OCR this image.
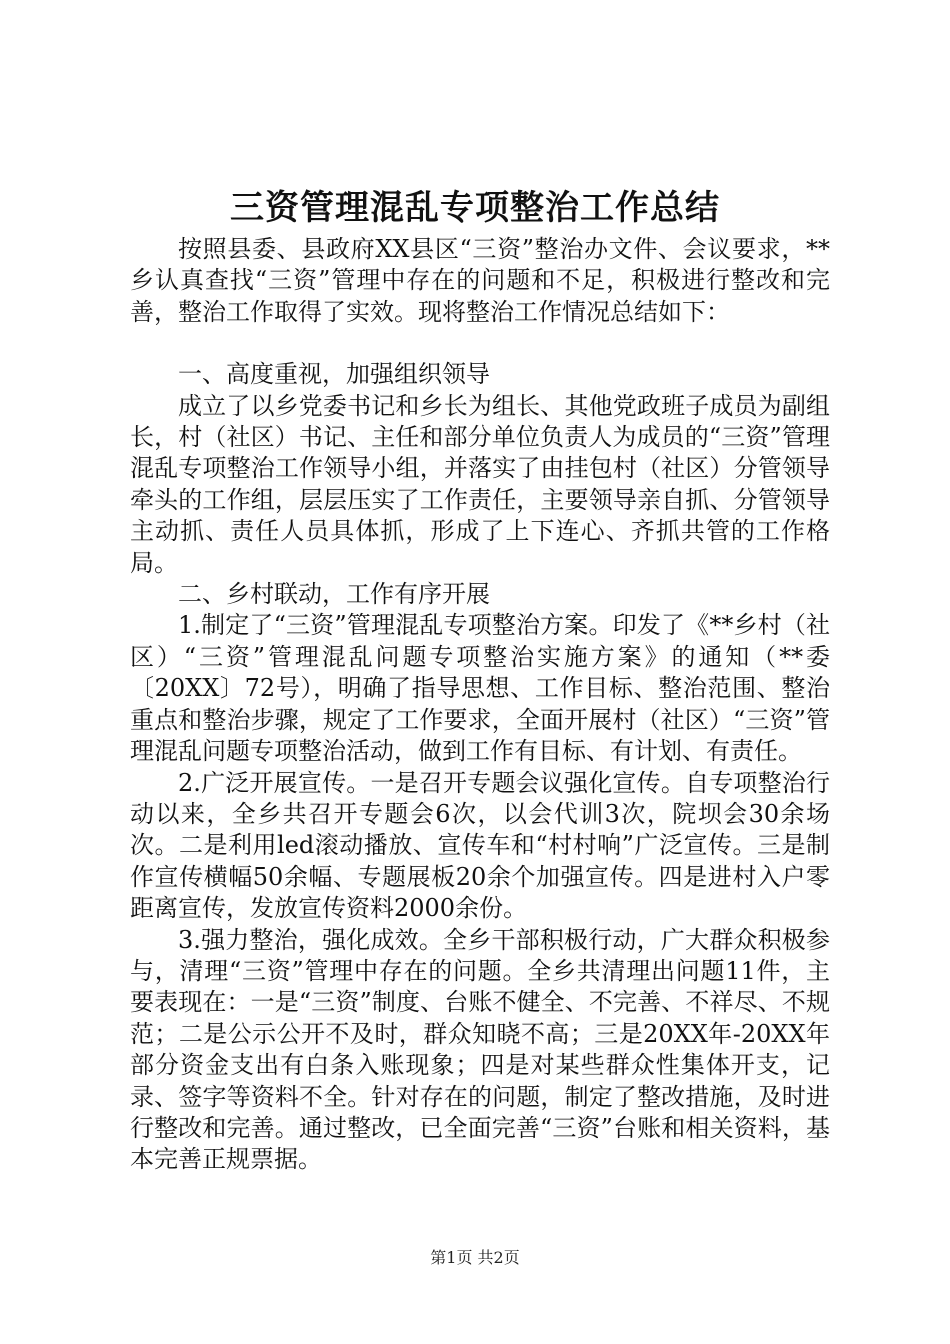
三资管理混乱专项整治工作总结

按照县委、县政府XX县区“三资”整治办文件、会议要求，**乡认真查找“三资”管理中存在的问题和不足，积极进行整改和完善，整治工作取得了实效。现将整治工作情况总结如下：

一、高度重视，加强组织领导

成立了以乡党委书记和乡长为组长、其他党政班子成员为副组长，村（社区）书记、主任和部分单位负责人为成员的“三资”管理混乱专项整治工作领导小组，并落实了由挂包村（社区）分管领导牵头的工作组，层层压实了工作责任，主要领导亲自抓、分管领导主动抓、责任人员具体抓，形成了上下连心、齐抓共管的工作格局。

二、乡村联动，工作有序开展

1.制定了“三资”管理混乱专项整治方案。印发了《**乡村（社区）“三资”管理混乱问题专项整治实施方案》的通知（**委〔20XX〕72号），明确了指导思想、工作目标、整治范围、整治重点和整治步骤，规定了工作要求，全面开展村（社区）“三资”管理混乱问题专项整治活动，做到工作有目标、有计划、有责任。

2.广泛开展宣传。一是召开专题会议强化宣传。自专项整治行动以来，全乡共召开专题会6次，以会代训3次，院坝会30余场次。二是利用led滚动播放、宣传车和“村村响”广泛宣传。三是制作宣传横幅50余幅、专题展板20余个加强宣传。四是进村入户零距离宣传，发放宣传资料2000余份。

3.强力整治，强化成效。全乡干部积极行动，广大群众积极参与，清理“三资”管理中存在的问题。全乡共清理出问题11件，主要表现在：一是“三资”制度、台账不健全、不完善、不祥尽、不规范；二是公示公开不及时，群众知晓不高；三是20XX年-20XX年部分资金支出有白条入账现象；四是对某些群众性集体开支，记录、签字等资料不全。针对存在的问题，制定了整改措施，及时进行整改和完善。通过整改，已全面完善“三资”台账和相关资料，基本完善正规票据。

第1页 共2页
